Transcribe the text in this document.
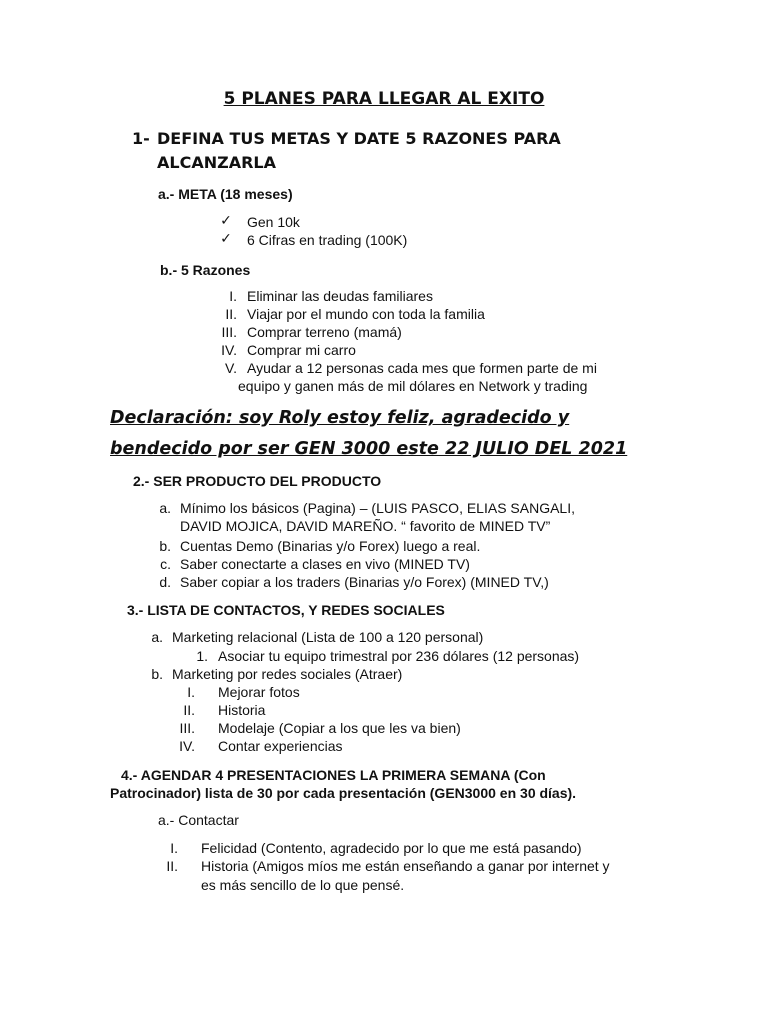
5 PLANES PARA LLEGAR AL EXITO
1- DEFINA TUS METAS Y DATE 5 RAZONES PARA
ALCANZARLA
a.- META (18 meses)
✓ Gen 10k
✓ 6 Cifras en trading (100K)
b.- 5 Razones
I. Eliminar las deudas familiares
II. Viajar por el mundo con toda la familia
III. Comprar terreno (mamá)
IV. Comprar mi carro
V. Ayudar a 12 personas cada mes que formen parte de mi
equipo y ganen más de mil dólares en Network y trading
Declaración: soy Roly estoy feliz, agradecido y
bendecido por ser GEN 3000 este 22 JULIO DEL 2021
2.- SER PRODUCTO DEL PRODUCTO
a. Mínimo los básicos (Pagina) – (LUIS PASCO, ELIAS SANGALI,
DAVID MOJICA, DAVID MAREÑO. “ favorito de MINED TV”
b. Cuentas Demo (Binarias y/o Forex) luego a real.
c. Saber conectarte a clases en vivo (MINED TV)
d. Saber copiar a los traders (Binarias y/o Forex) (MINED TV,)
3.- LISTA DE CONTACTOS, Y REDES SOCIALES
a. Marketing relacional (Lista de 100 a 120 personal)
1. Asociar tu equipo trimestral por 236 dólares (12 personas)
b. Marketing por redes sociales (Atraer)
I. Mejorar fotos
II. Historia
III. Modelaje (Copiar a los que les va bien)
IV. Contar experiencias
4.- AGENDAR 4 PRESENTACIONES LA PRIMERA SEMANA (Con
Patrocinador) lista de 30 por cada presentación (GEN3000 en 30 días).
a.- Contactar
I. Felicidad (Contento, agradecido por lo que me está pasando)
II. Historia (Amigos míos me están enseñando a ganar por internet y
es más sencillo de lo que pensé.
